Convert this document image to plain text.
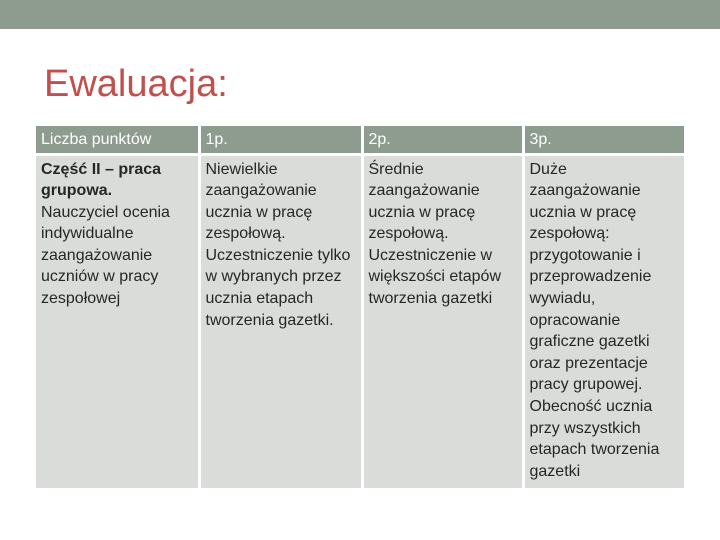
Ewaluacja:
Liczba punktów	1p.	2p.	3p.
Część II – praca grupowa. Nauczyciel ocenia indywidualne zaangażowanie uczniów w pracy zespołowej	Niewielkie zaangażowanie ucznia w pracę zespołową. Uczestniczenie tylko w wybranych przez ucznia etapach tworzenia gazetki.	Średnie zaangażowanie ucznia w pracę zespołową. Uczestniczenie w większości etapów tworzenia gazetki	Duże zaangażowanie ucznia w pracę zespołową: przygotowanie i przeprowadzenie wywiadu, opracowanie graficzne gazetki oraz prezentacje pracy grupowej. Obecność ucznia przy wszystkich etapach tworzenia gazetki
